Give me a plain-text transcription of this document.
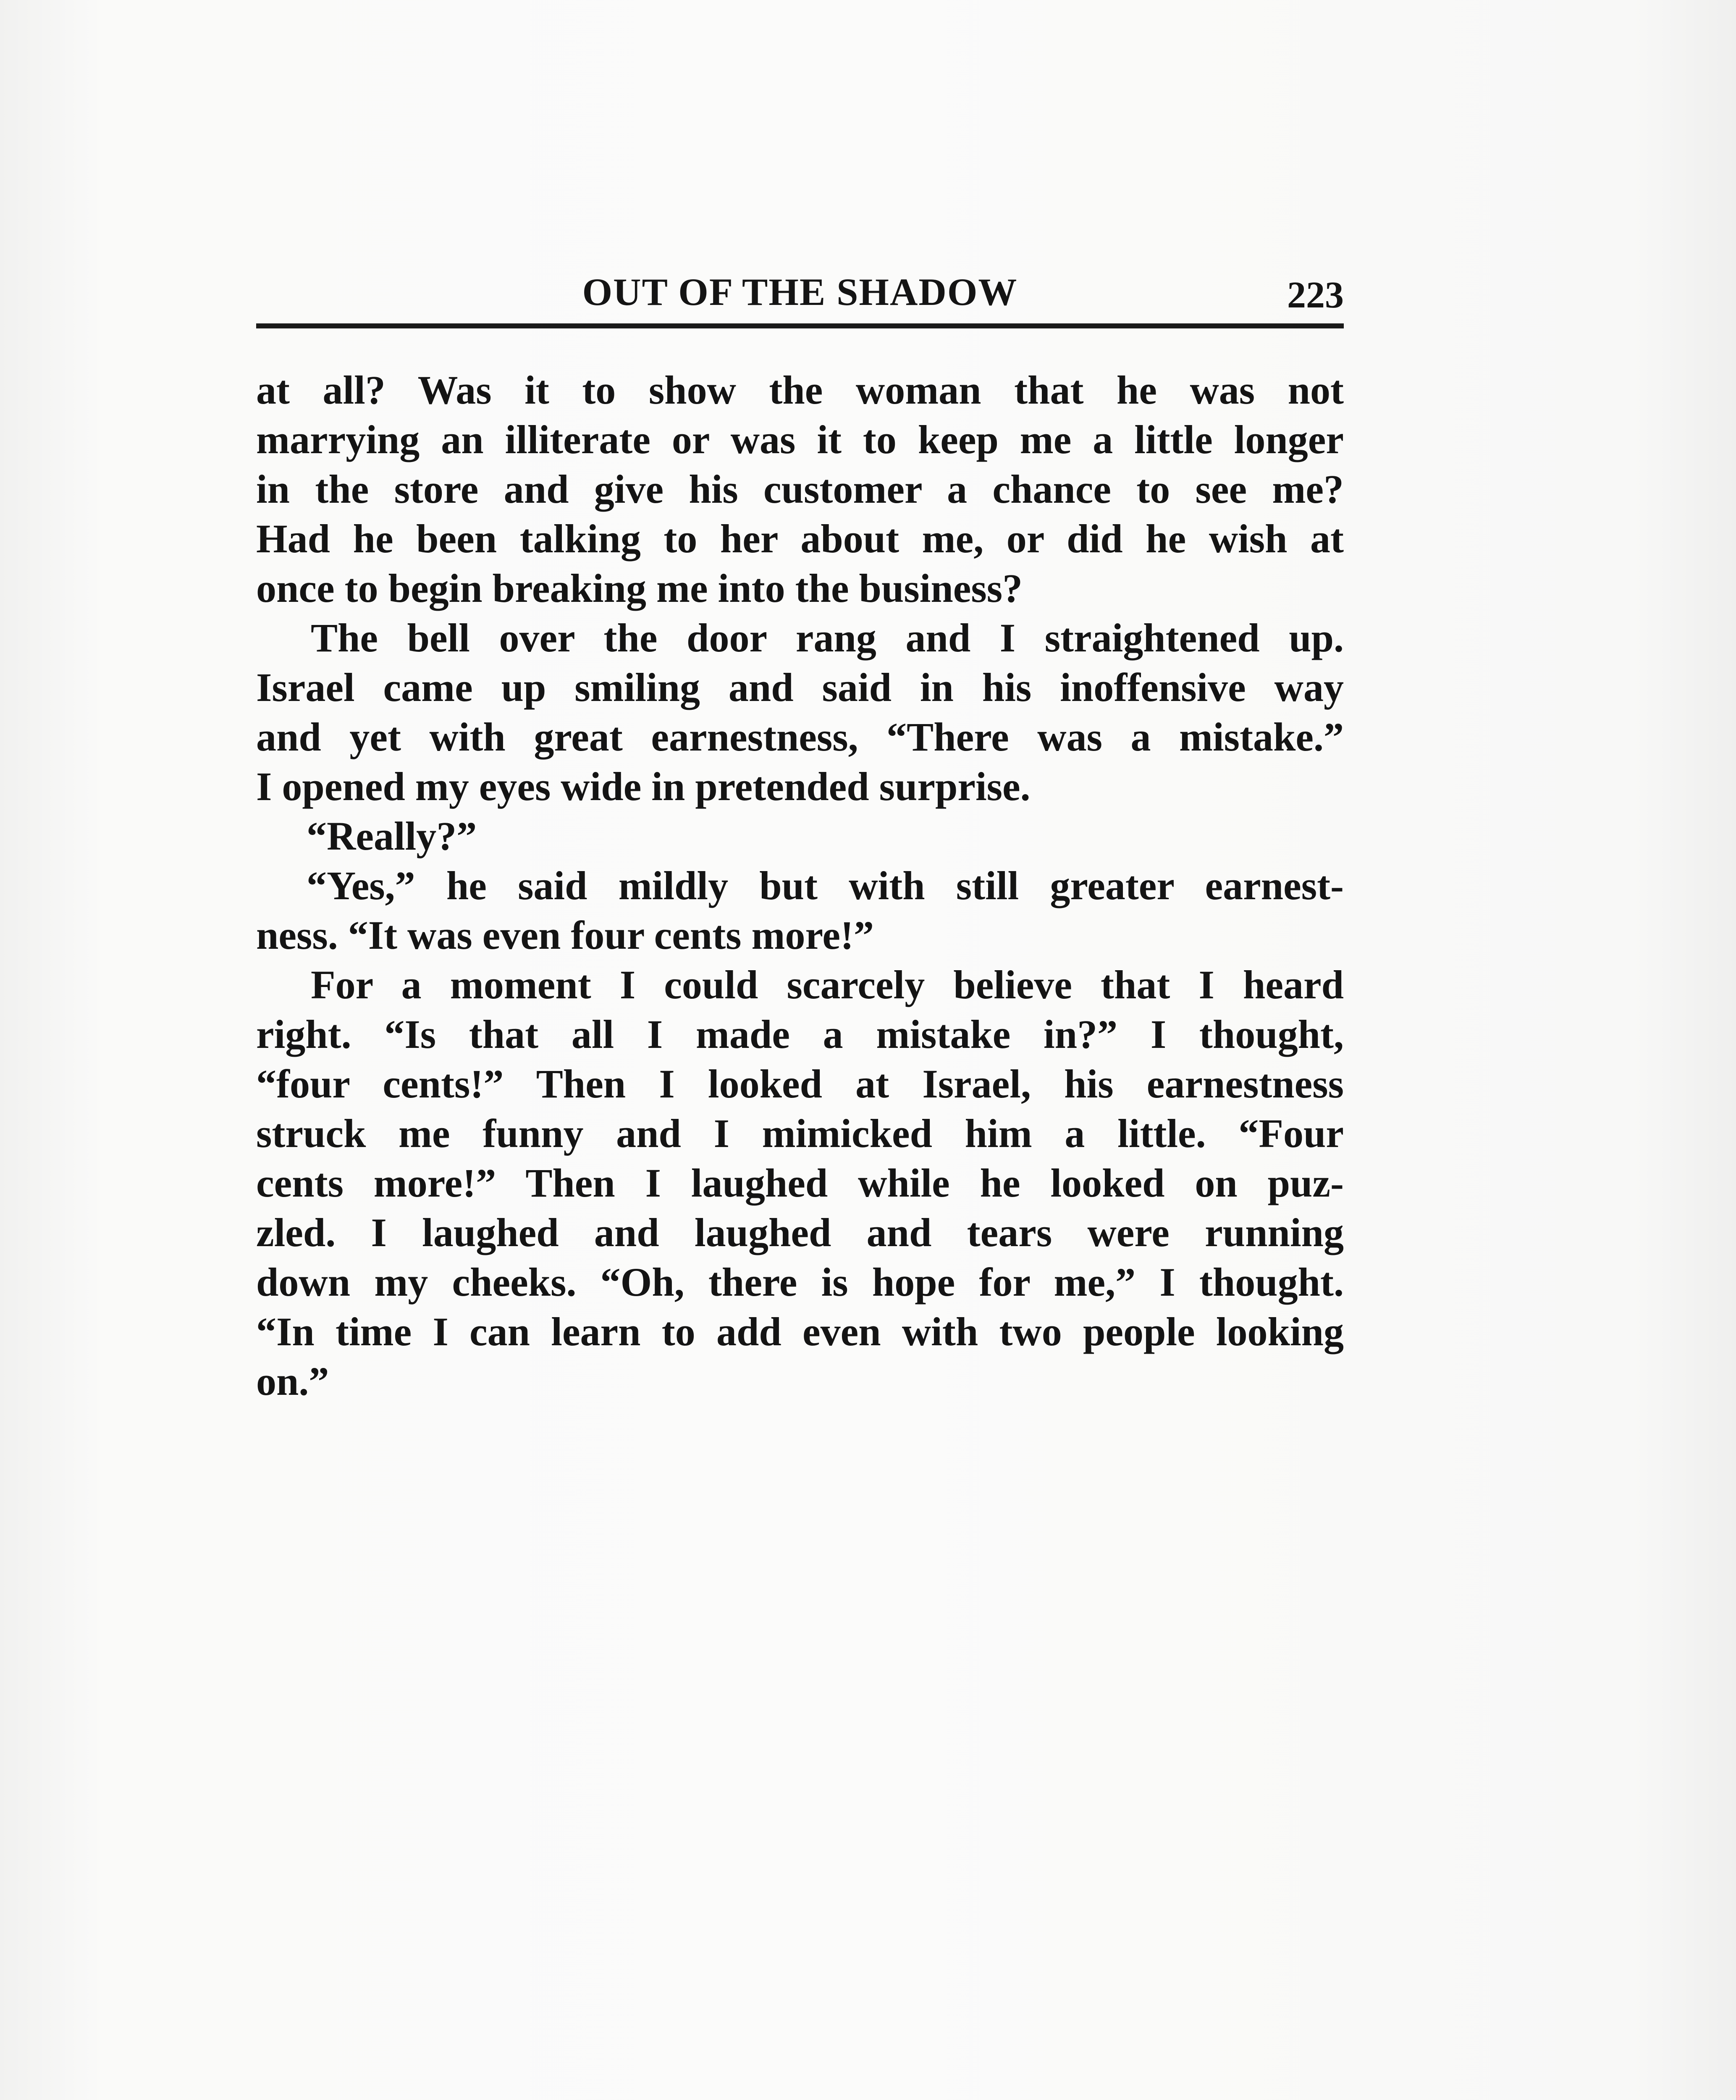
OUT OF THE SHADOW	223
at all? Was it to show the woman that he was not
marrying an illiterate or was it to keep me a little longer
in the store and give his customer a chance to see me?
Had he been talking to her about me, or did he wish at
once to begin breaking me into the business?
The bell over the door rang and I straightened up.
Israel came up smiling and said in his inoffensive way
and yet with great earnestness, “There was a mistake.”
I opened my eyes wide in pretended surprise.
“Really?”
“Yes,” he said mildly but with still greater earnest-
ness. “It was even four cents more!”
For a moment I could scarcely believe that I heard
right. “Is that all I made a mistake in?” I thought,
“four cents!” Then I looked at Israel, his earnestness
struck me funny and I mimicked him a little. “Four
cents more!” Then I laughed while he looked on puz-
zled. I laughed and laughed and tears were running
down my cheeks. “Oh, there is hope for me,” I thought.
“In time I can learn to add even with two people looking
on.”
